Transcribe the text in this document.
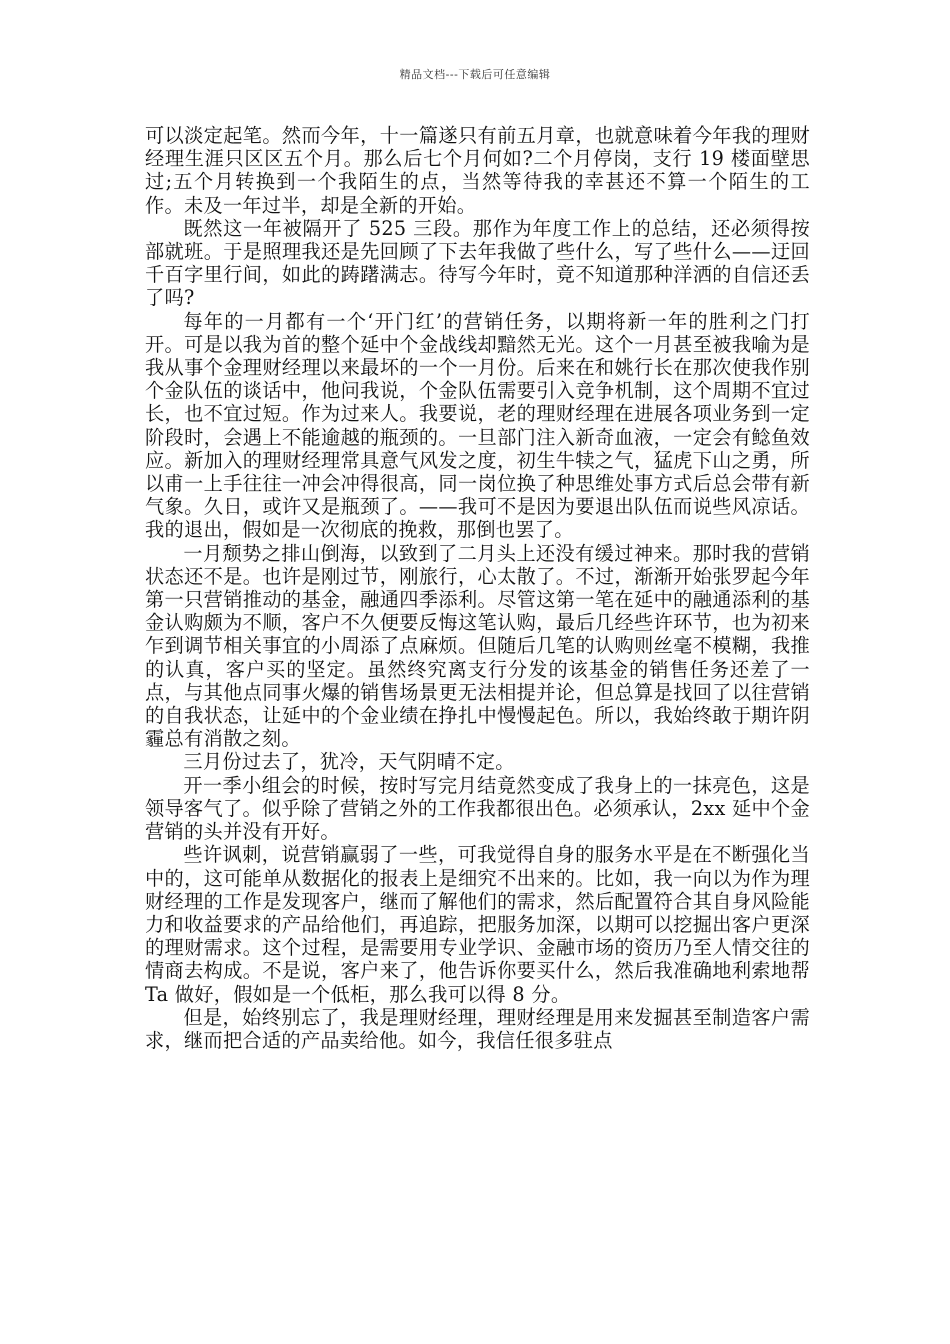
精品文档---下载后可任意编辑

可以淡定起笔。然而今年，十一篇遂只有前五月章，也就意味着今年我的理财经理生涯只区区五个月。那么后七个月何如?二个月停岗，支行 19 楼面壁思过;五个月转换到一个我陌生的点，当然等待我的幸甚还不算一个陌生的工作。未及一年过半，却是全新的开始。

既然这一年被隔开了 525 三段。那作为年度工作上的总结，还必须得按部就班。于是照理我还是先回顾了下去年我做了些什么，写了些什么——迂回千百字里行间，如此的踌躇满志。待写今年时，竟不知道那种洋洒的自信还丢了吗?

每年的一月都有一个‘开门红’的营销任务，以期将新一年的胜利之门打开。可是以我为首的整个延中个金战线却黯然无光。这个一月甚至被我喻为是我从事个金理财经理以来最坏的一个一月份。后来在和姚行长在那次使我作别个金队伍的谈话中，他问我说，个金队伍需要引入竞争机制，这个周期不宜过长，也不宜过短。作为过来人。我要说，老的理财经理在进展各项业务到一定阶段时，会遇上不能逾越的瓶颈的。一旦部门注入新奇血液，一定会有鲶鱼效应。新加入的理财经理常具意气风发之度，初生牛犊之气，猛虎下山之勇，所以甫一上手往往一冲会冲得很高，同一岗位换了种思维处事方式后总会带有新气象。久日，或许又是瓶颈了。——我可不是因为要退出队伍而说些风凉话。我的退出，假如是一次彻底的挽救，那倒也罢了。

一月颓势之排山倒海，以致到了二月头上还没有缓过神来。那时我的营销状态还不是。也许是刚过节，刚旅行，心太散了。不过，渐渐开始张罗起今年第一只营销推动的基金，融通四季添利。尽管这第一笔在延中的融通添利的基金认购颇为不顺，客户不久便要反悔这笔认购，最后几经些许环节，也为初来乍到调节相关事宜的小周添了点麻烦。但随后几笔的认购则丝毫不模糊，我推的认真，客户买的坚定。虽然终究离支行分发的该基金的销售任务还差了一点，与其他点同事火爆的销售场景更无法相提并论，但总算是找回了以往营销的自我状态，让延中的个金业绩在挣扎中慢慢起色。所以，我始终敢于期许阴霾总有消散之刻。

三月份过去了，犹冷，天气阴晴不定。

开一季小组会的时候，按时写完月结竟然变成了我身上的一抹亮色，这是领导客气了。似乎除了营销之外的工作我都很出色。必须承认，2xx 延中个金营销的头并没有开好。

些许讽刺，说营销赢弱了一些，可我觉得自身的服务水平是在不断强化当中的，这可能单从数据化的报表上是细究不出来的。比如，我一向以为作为理财经理的工作是发现客户，继而了解他们的需求，然后配置符合其自身风险能力和收益要求的产品给他们，再追踪，把服务加深，以期可以挖掘出客户更深的理财需求。这个过程，是需要用专业学识、金融市场的资历乃至人情交往的情商去构成。不是说，客户来了，他告诉你要买什么，然后我准确地利索地帮 Ta 做好，假如是一个低柜，那么我可以得 8 分。

但是，始终别忘了，我是理财经理，理财经理是用来发掘甚至制造客户需求，继而把合适的产品卖给他。如今，我信任很多驻点
